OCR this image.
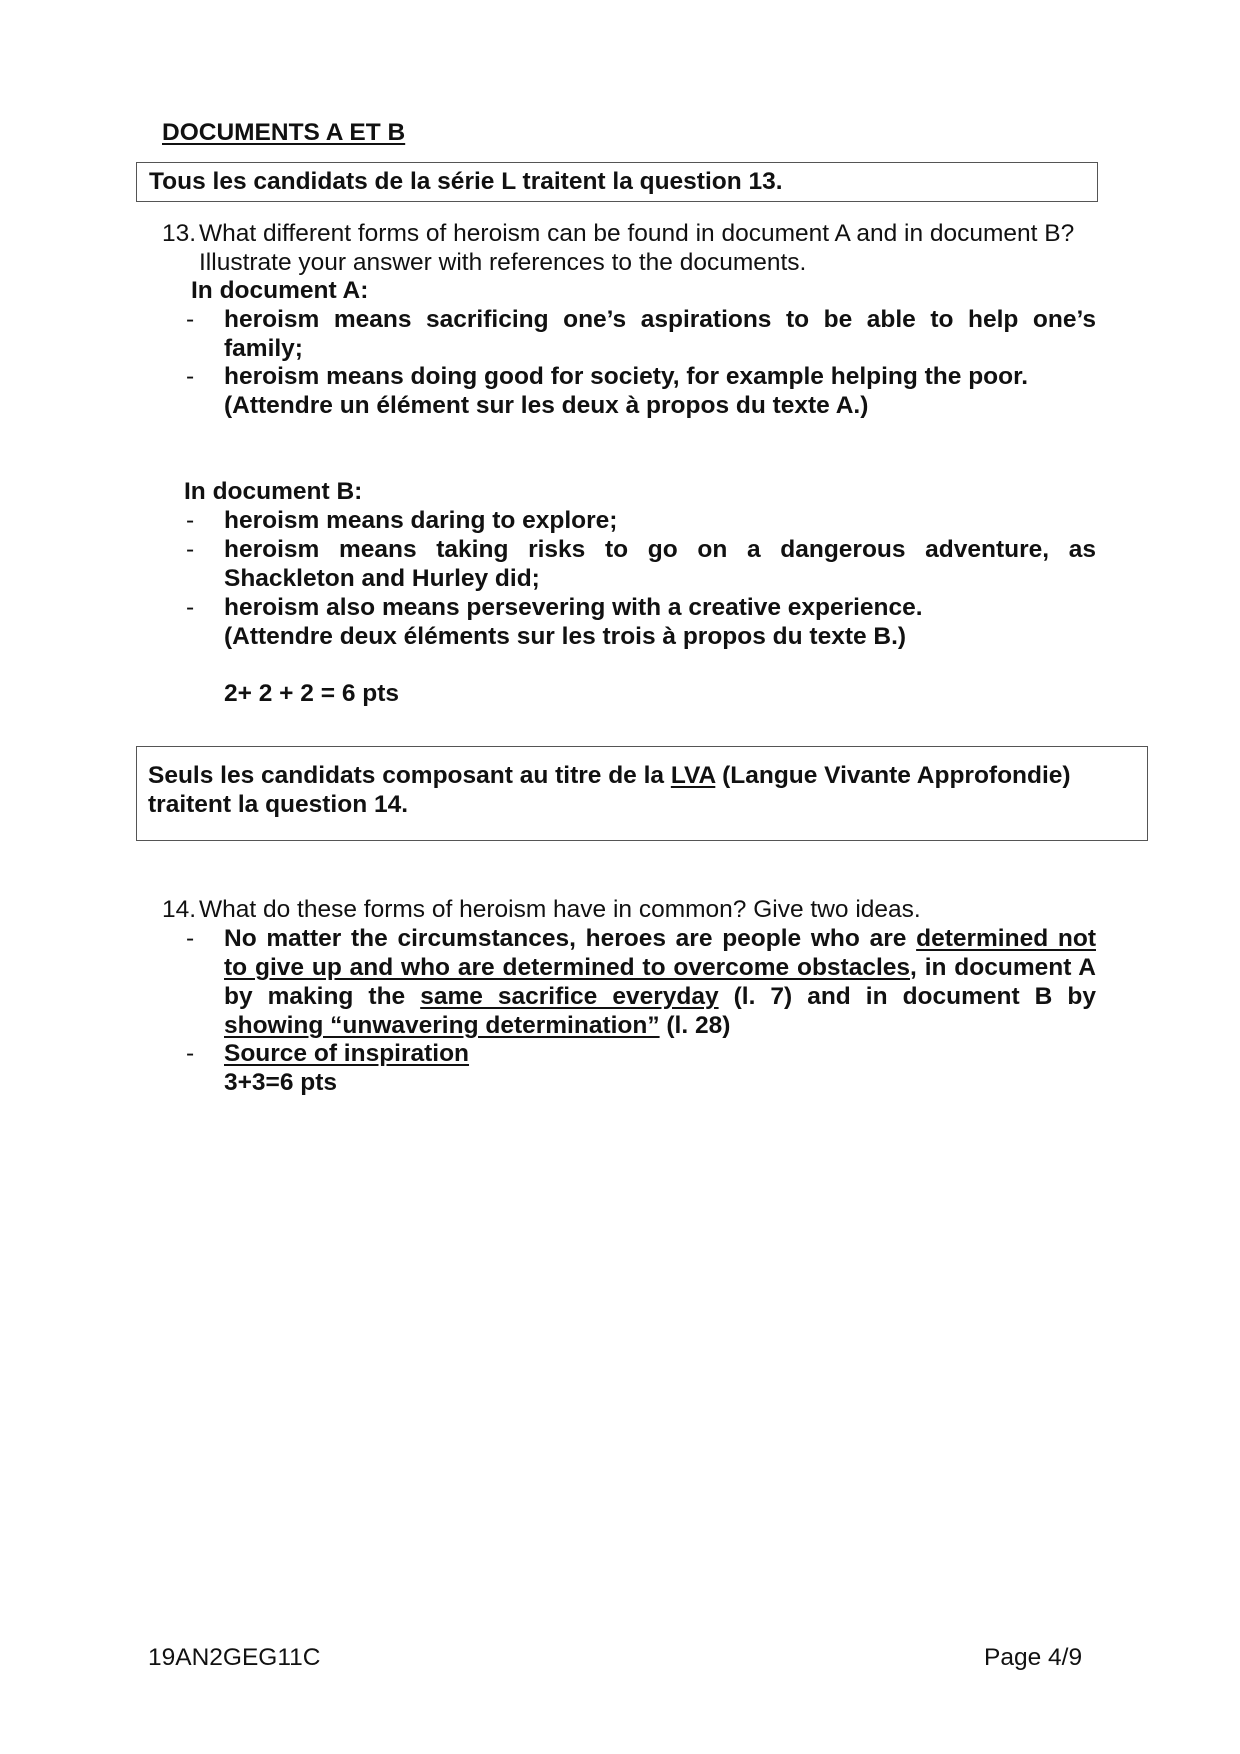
DOCUMENTS A ET B
Tous les candidats de la série L traitent la question 13.
13. What different forms of heroism can be found in document A and in document B?
Illustrate your answer with references to the documents.
In document A:
- heroism means sacrificing one’s aspirations to be able to help one’s family;
- heroism means doing good for society, for example helping the poor.
(Attendre un élément sur les deux à propos du texte A.)
In document B:
- heroism means daring to explore;
- heroism means taking risks to go on a dangerous adventure, as Shackleton and Hurley did;
- heroism also means persevering with a creative experience.
(Attendre deux éléments sur les trois à propos du texte B.)
2+ 2 + 2 = 6 pts
Seuls les candidats composant au titre de la LVA (Langue Vivante Approfondie)
traitent la question 14.
14. What do these forms of heroism have in common? Give two ideas.
- No matter the circumstances, heroes are people who are determined not to give up and who are determined to overcome obstacles, in document A by making the same sacrifice everyday (l. 7) and in document B by showing “unwavering determination” (l. 28)
- Source of inspiration
3+3=6 pts
19AN2GEG11C	Page 4/9
